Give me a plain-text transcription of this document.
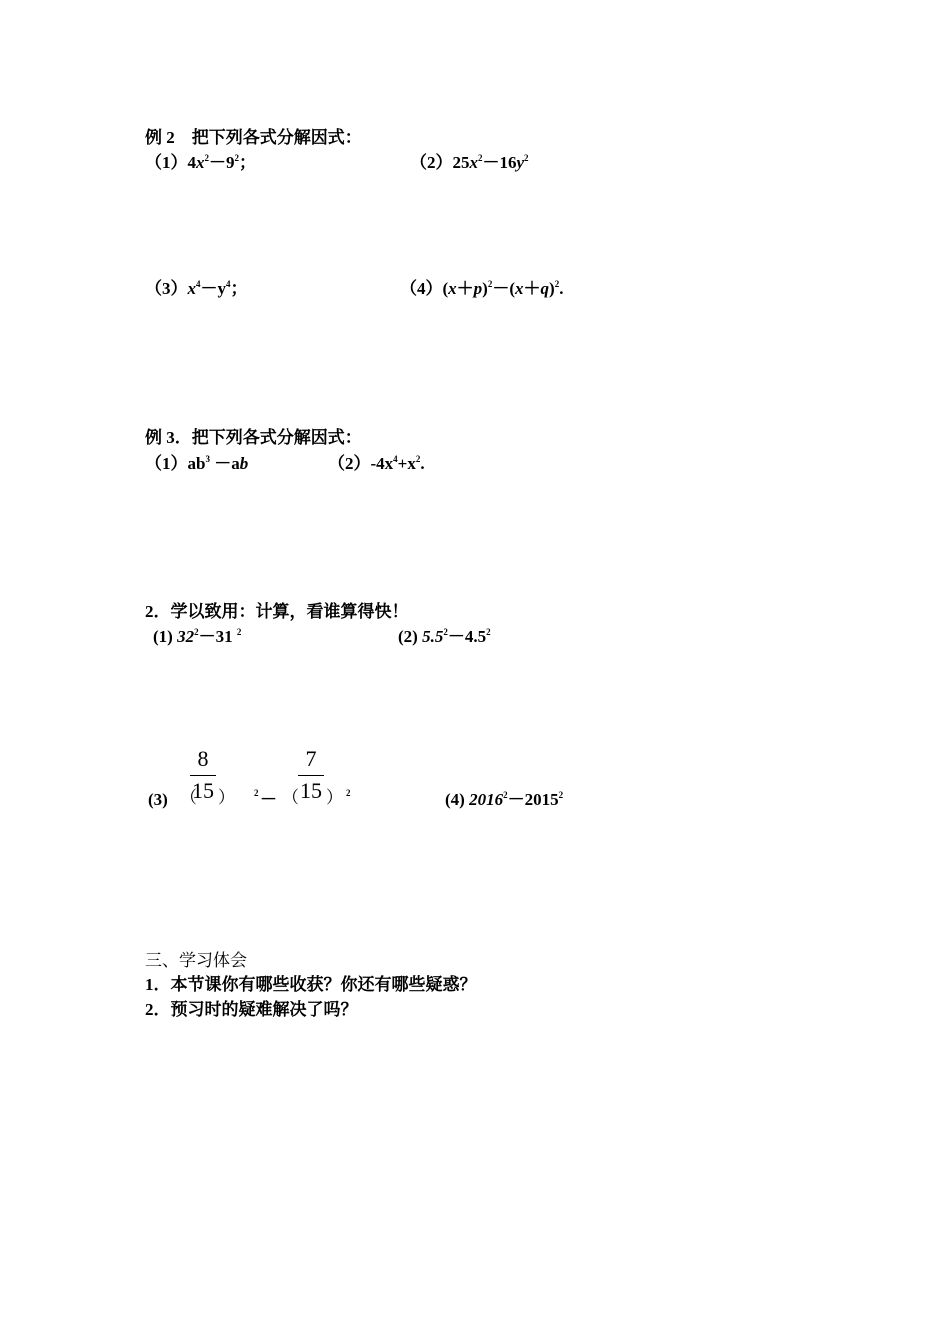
例 2　把下列各式分解因式：
$(1)4x^2-9^2$；	$(2)25x^2-16y^2$
$(3)x^4-y^4$；	$(4)(x+p)^2-(x+q)^2$.
例 3．把下列各式分解因式：
$(1)ab^3 -ab$	$(2)-4x^4+x^2$.
2．学以致用：计算，看谁算得快！
(1) $32^2-31$ $^2$	(2) $5.5^2-4.5^2$
(3) （
8
15 ） 2 － （
7
15 ） 2	(4) $2016^2-2015^2$
三、学习体会
1．本节课你有哪些收获？你还有哪些疑惑？
2．预习时的疑难解决了吗？
